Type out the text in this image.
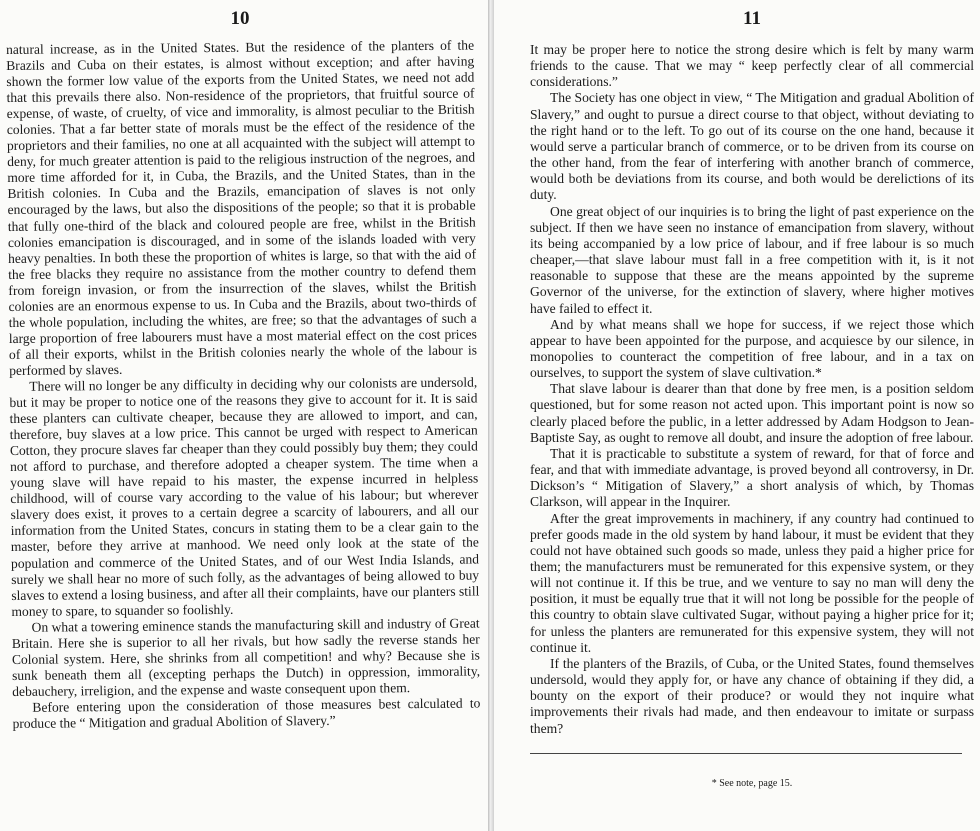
10

natural increase, as in the United States. But the residence of the planters of the Brazils and Cuba on their estates, is almost without exception; and after having shown the former low value of the exports from the United States, we need not add that this prevails there also. Non-residence of the proprietors, that fruitful source of expense, of waste, of cruelty, of vice and immorality, is almost peculiar to the British colonies. That a far better state of morals must be the effect of the residence of the proprietors and their families, no one at all acquainted with the subject will attempt to deny, for much greater attention is paid to the religious instruction of the negroes, and more time afforded for it, in Cuba, the Brazils, and the United States, than in the British colonies. In Cuba and the Brazils, emancipation of slaves is not only encouraged by the laws, but also the dispositions of the people; so that it is probable that fully one-third of the black and coloured people are free, whilst in the British colonies emancipation is discouraged, and in some of the islands loaded with very heavy penalties. In both these the proportion of whites is large, so that with the aid of the free blacks they require no assistance from the mother country to defend them from foreign invasion, or from the insurrection of the slaves, whilst the British colonies are an enormous expense to us. In Cuba and the Brazils, about two-thirds of the whole population, including the whites, are free; so that the advantages of such a large proportion of free labourers must have a most material effect on the cost prices of all their exports, whilst in the British colonies nearly the whole of the labour is performed by slaves.

There will no longer be any difficulty in deciding why our colonists are undersold, but it may be proper to notice one of the reasons they give to account for it. It is said these planters can cultivate cheaper, because they are allowed to import, and can, therefore, buy slaves at a low price. This cannot be urged with respect to American Cotton, they procure slaves far cheaper than they could possibly buy them; they could not afford to purchase, and therefore adopted a cheaper system. The time when a young slave will have repaid to his master, the expense incurred in helpless childhood, will of course vary according to the value of his labour; but wherever slavery does exist, it proves to a certain degree a scarcity of labourers, and all our information from the United States, concurs in stating them to be a clear gain to the master, before they arrive at manhood. We need only look at the state of the population and commerce of the United States, and of our West India Islands, and surely we shall hear no more of such folly, as the advantages of being allowed to buy slaves to extend a losing business, and after all their complaints, have our planters still money to spare, to squander so foolishly.

On what a towering eminence stands the manufacturing skill and industry of Great Britain. Here she is superior to all her rivals, but how sadly the reverse stands her Colonial system. Here, she shrinks from all competition! and why? Because she is sunk beneath them all (excepting perhaps the Dutch) in oppression, immorality, debauchery, irreligion, and the expense and waste consequent upon them.

Before entering upon the consideration of those measures best calculated to produce the “ Mitigation and gradual Abolition of Slavery.”

11

It may be proper here to notice the strong desire which is felt by many warm friends to the cause. That we may “ keep perfectly clear of all commercial considerations.”

The Society has one object in view, “ The Mitigation and gradual Abolition of Slavery,” and ought to pursue a direct course to that object, without deviating to the right hand or to the left. To go out of its course on the one hand, because it would serve a particular branch of commerce, or to be driven from its course on the other hand, from the fear of interfering with another branch of commerce, would both be deviations from its course, and both would be derelictions of its duty.

One great object of our inquiries is to bring the light of past experience on the subject. If then we have seen no instance of emancipation from slavery, without its being accompanied by a low price of labour, and if free labour is so much cheaper,—that slave labour must fall in a free competition with it, is it not reasonable to suppose that these are the means appointed by the supreme Governor of the universe, for the extinction of slavery, where higher motives have failed to effect it.

And by what means shall we hope for success, if we reject those which appear to have been appointed for the purpose, and acquiesce by our silence, in monopolies to counteract the competition of free labour, and in a tax on ourselves, to support the system of slave cultivation.*

That slave labour is dearer than that done by free men, is a position seldom questioned, but for some reason not acted upon. This important point is now so clearly placed before the public, in a letter addressed by Adam Hodgson to Jean-Baptiste Say, as ought to remove all doubt, and insure the adoption of free labour.

That it is practicable to substitute a system of reward, for that of force and fear, and that with immediate advantage, is proved beyond all controversy, in Dr. Dickson’s “ Mitigation of Slavery,” a short analysis of which, by Thomas Clarkson, will appear in the Inquirer.

After the great improvements in machinery, if any country had continued to prefer goods made in the old system by hand labour, it must be evident that they could not have obtained such goods so made, unless they paid a higher price for them; the manufacturers must be remunerated for this expensive system, or they will not continue it. If this be true, and we venture to say no man will deny the position, it must be equally true that it will not long be possible for the people of this country to obtain slave cultivated Sugar, without paying a higher price for it; for unless the planters are remunerated for this expensive system, they will not continue it.

If the planters of the Brazils, of Cuba, or the United States, found themselves undersold, would they apply for, or have any chance of obtaining if they did, a bounty on the export of their produce? or would they not inquire what improvements their rivals had made, and then endeavour to imitate or surpass them?

* See note, page 15.
